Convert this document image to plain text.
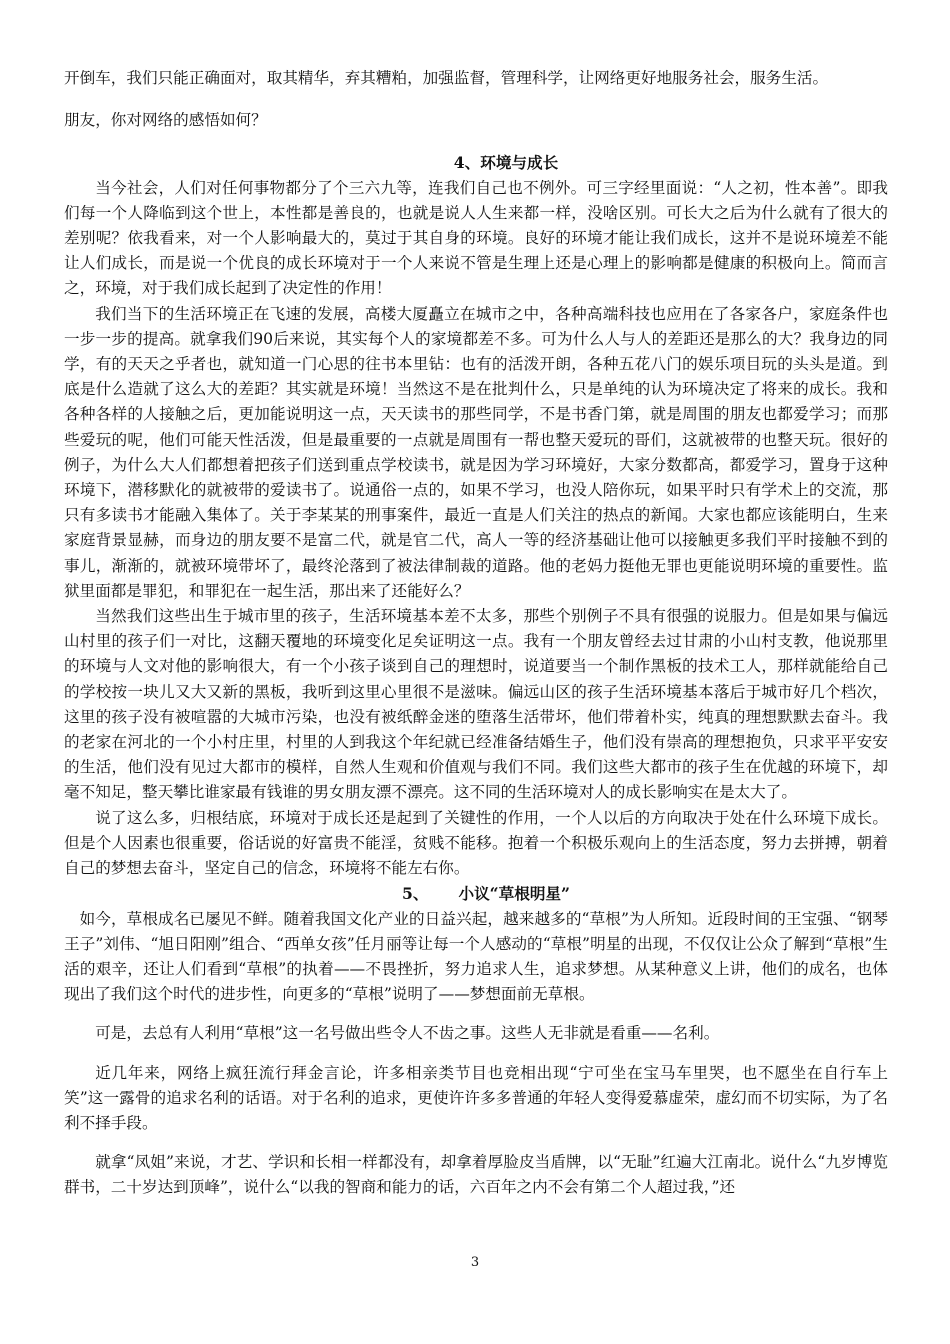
开倒车，我们只能正确面对，取其精华，弃其糟粕，加强监督，管理科学，让网络更好地服务社会，服务生活。

朋友，你对网络的感悟如何？

4、环境与成长

当今社会，人们对任何事物都分了个三六九等，连我们自己也不例外。可三字经里面说：“人之初，性本善”。即我们每一个人降临到这个世上，本性都是善良的，也就是说人人生来都一样，没啥区别。可长大之后为什么就有了很大的差别呢？依我看来，对一个人影响最大的，莫过于其自身的环境。良好的环境才能让我们成长，这并不是说环境差不能让人们成长，而是说一个优良的成长环境对于一个人来说不管是生理上还是心理上的影响都是健康的积极向上。简而言之，环境，对于我们成长起到了决定性的作用！

我们当下的生活环境正在飞速的发展，高楼大厦矗立在城市之中，各种高端科技也应用在了各家各户，家庭条件也一步一步的提高。就拿我们90后来说，其实每个人的家境都差不多。可为什么人与人的差距还是那么的大？我身边的同学，有的天天之乎者也，就知道一门心思的往书本里钻：也有的活泼开朗，各种五花八门的娱乐项目玩的头头是道。到底是什么造就了这么大的差距？其实就是环境！当然这不是在批判什么，只是单纯的认为环境决定了将来的成长。我和各种各样的人接触之后，更加能说明这一点，天天读书的那些同学，不是书香门第，就是周围的朋友也都爱学习；而那些爱玩的呢，他们可能天性活泼，但是最重要的一点就是周围有一帮也整天爱玩的哥们，这就被带的也整天玩。很好的例子，为什么大人们都想着把孩子们送到重点学校读书，就是因为学习环境好，大家分数都高，都爱学习，置身于这种环境下，潜移默化的就被带的爱读书了。说通俗一点的，如果不学习，也没人陪你玩，如果平时只有学术上的交流，那只有多读书才能融入集体了。关于李某某的刑事案件，最近一直是人们关注的热点的新闻。大家也都应该能明白，生来家庭背景显赫，而身边的朋友要不是富二代，就是官二代，高人一等的经济基础让他可以接触更多我们平时接触不到的事儿，渐渐的，就被环境带坏了，最终沦落到了被法律制裁的道路。他的老妈力挺他无罪也更能说明环境的重要性。监狱里面都是罪犯，和罪犯在一起生活，那出来了还能好么？

当然我们这些出生于城市里的孩子，生活环境基本差不太多，那些个别例子不具有很强的说服力。但是如果与偏远山村里的孩子们一对比，这翻天覆地的环境变化足矣证明这一点。我有一个朋友曾经去过甘肃的小山村支教，他说那里的环境与人文对他的影响很大，有一个小孩子谈到自己的理想时，说道要当一个制作黑板的技术工人，那样就能给自己的学校按一块儿又大又新的黑板，我听到这里心里很不是滋味。偏远山区的孩子生活环境基本落后于城市好几个档次，这里的孩子没有被喧嚣的大城市污染，也没有被纸醉金迷的堕落生活带坏，他们带着朴实，纯真的理想默默去奋斗。我的老家在河北的一个小村庄里，村里的人到我这个年纪就已经准备结婚生子，他们没有崇高的理想抱负，只求平平安安的生活，他们没有见过大都市的模样，自然人生观和价值观与我们不同。我们这些大都市的孩子生在优越的环境下，却毫不知足，整天攀比谁家最有钱谁的男女朋友漂不漂亮。这不同的生活环境对人的成长影响实在是太大了。

说了这么多，归根结底，环境对于成长还是起到了关键性的作用，一个人以后的方向取决于处在什么环境下成长。但是个人因素也很重要，俗话说的好富贵不能淫，贫贱不能移。抱着一个积极乐观向上的生活态度，努力去拼搏，朝着自己的梦想去奋斗，坚定自己的信念，环境将不能左右你。

5、 小议“草根明星”

如今，草根成名已屡见不鲜。随着我国文化产业的日益兴起，越来越多的“草根”为人所知。近段时间的王宝强、“钢琴王子”刘伟、“旭日阳刚”组合、“西单女孩”任月丽等让每一个人感动的“草根”明星的出现，不仅仅让公众了解到“草根”生活的艰辛，还让人们看到“草根”的执着——不畏挫折，努力追求人生，追求梦想。从某种意义上讲，他们的成名，也体现出了我们这个时代的进步性，向更多的“草根”说明了——梦想面前无草根。

可是，去总有人利用“草根”这一名号做出些令人不齿之事。这些人无非就是看重——名利。

近几年来，网络上疯狂流行拜金言论，许多相亲类节目也竞相出现“宁可坐在宝马车里哭，也不愿坐在自行车上笑”这一露骨的追求名利的话语。对于名利的追求，更使许许多多普通的年轻人变得爱慕虚荣，虚幻而不切实际，为了名利不择手段。

就拿“凤姐”来说，才艺、学识和长相一样都没有，却拿着厚脸皮当盾牌，以“无耻”红遍大江南北。说什么“九岁博览群书，二十岁达到顶峰”，说什么“以我的智商和能力的话，六百年之内不会有第二个人超过我，”还

3
